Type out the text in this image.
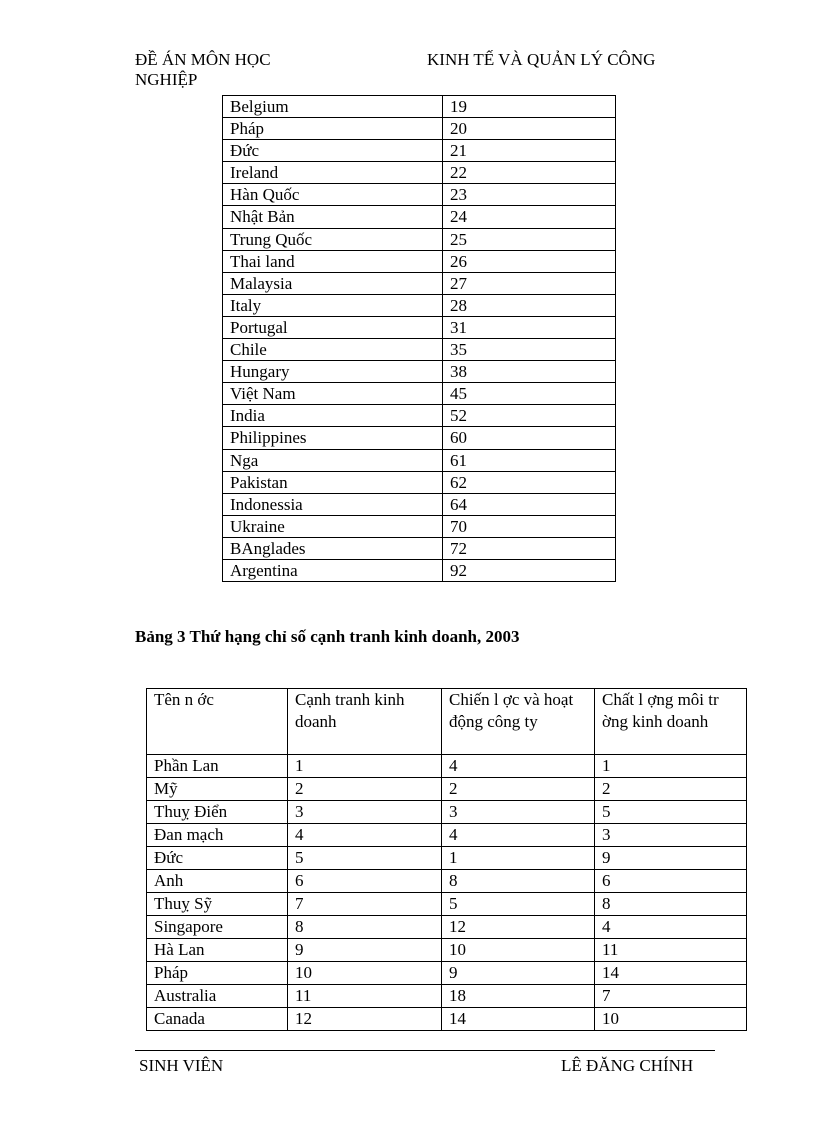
ĐỀ ÁN MÔN HỌC
NGHIỆP
KINH TẾ VÀ QUẢN LÝ CÔNG
Belgium	19
Pháp	20
Đức	21
Ireland	22
Hàn Quốc	23
Nhật Bản	24
Trung Quốc	25
Thai land	26
Malaysia	27
Italy	28
Portugal	31
Chile	35
Hungary	38
Việt Nam	45
India	52
Philippines	60
Nga	61
Pakistan	62
Indonessia	64
Ukraine	70
BAnglades	72
Argentina	92
Bảng 3 Thứ hạng chỉ số cạnh tranh kinh doanh, 2003
Tên n ớc	Cạnh tranh kinh doanh	Chiến l ợc và hoạt động công ty	Chất l ợng môi tr ờng kinh doanh
Phần Lan	1	4	1
Mỹ	2	2	2
Thuỵ Điển	3	3	5
Đan mạch	4	4	3
Đức	5	1	9
Anh	6	8	6
Thuỵ Sỹ	7	5	8
Singapore	8	12	4
Hà Lan	9	10	11
Pháp	10	9	14
Australia	11	18	7
Canada	12	14	10
SINH VIÊN	LÊ ĐĂNG CHÍNH
